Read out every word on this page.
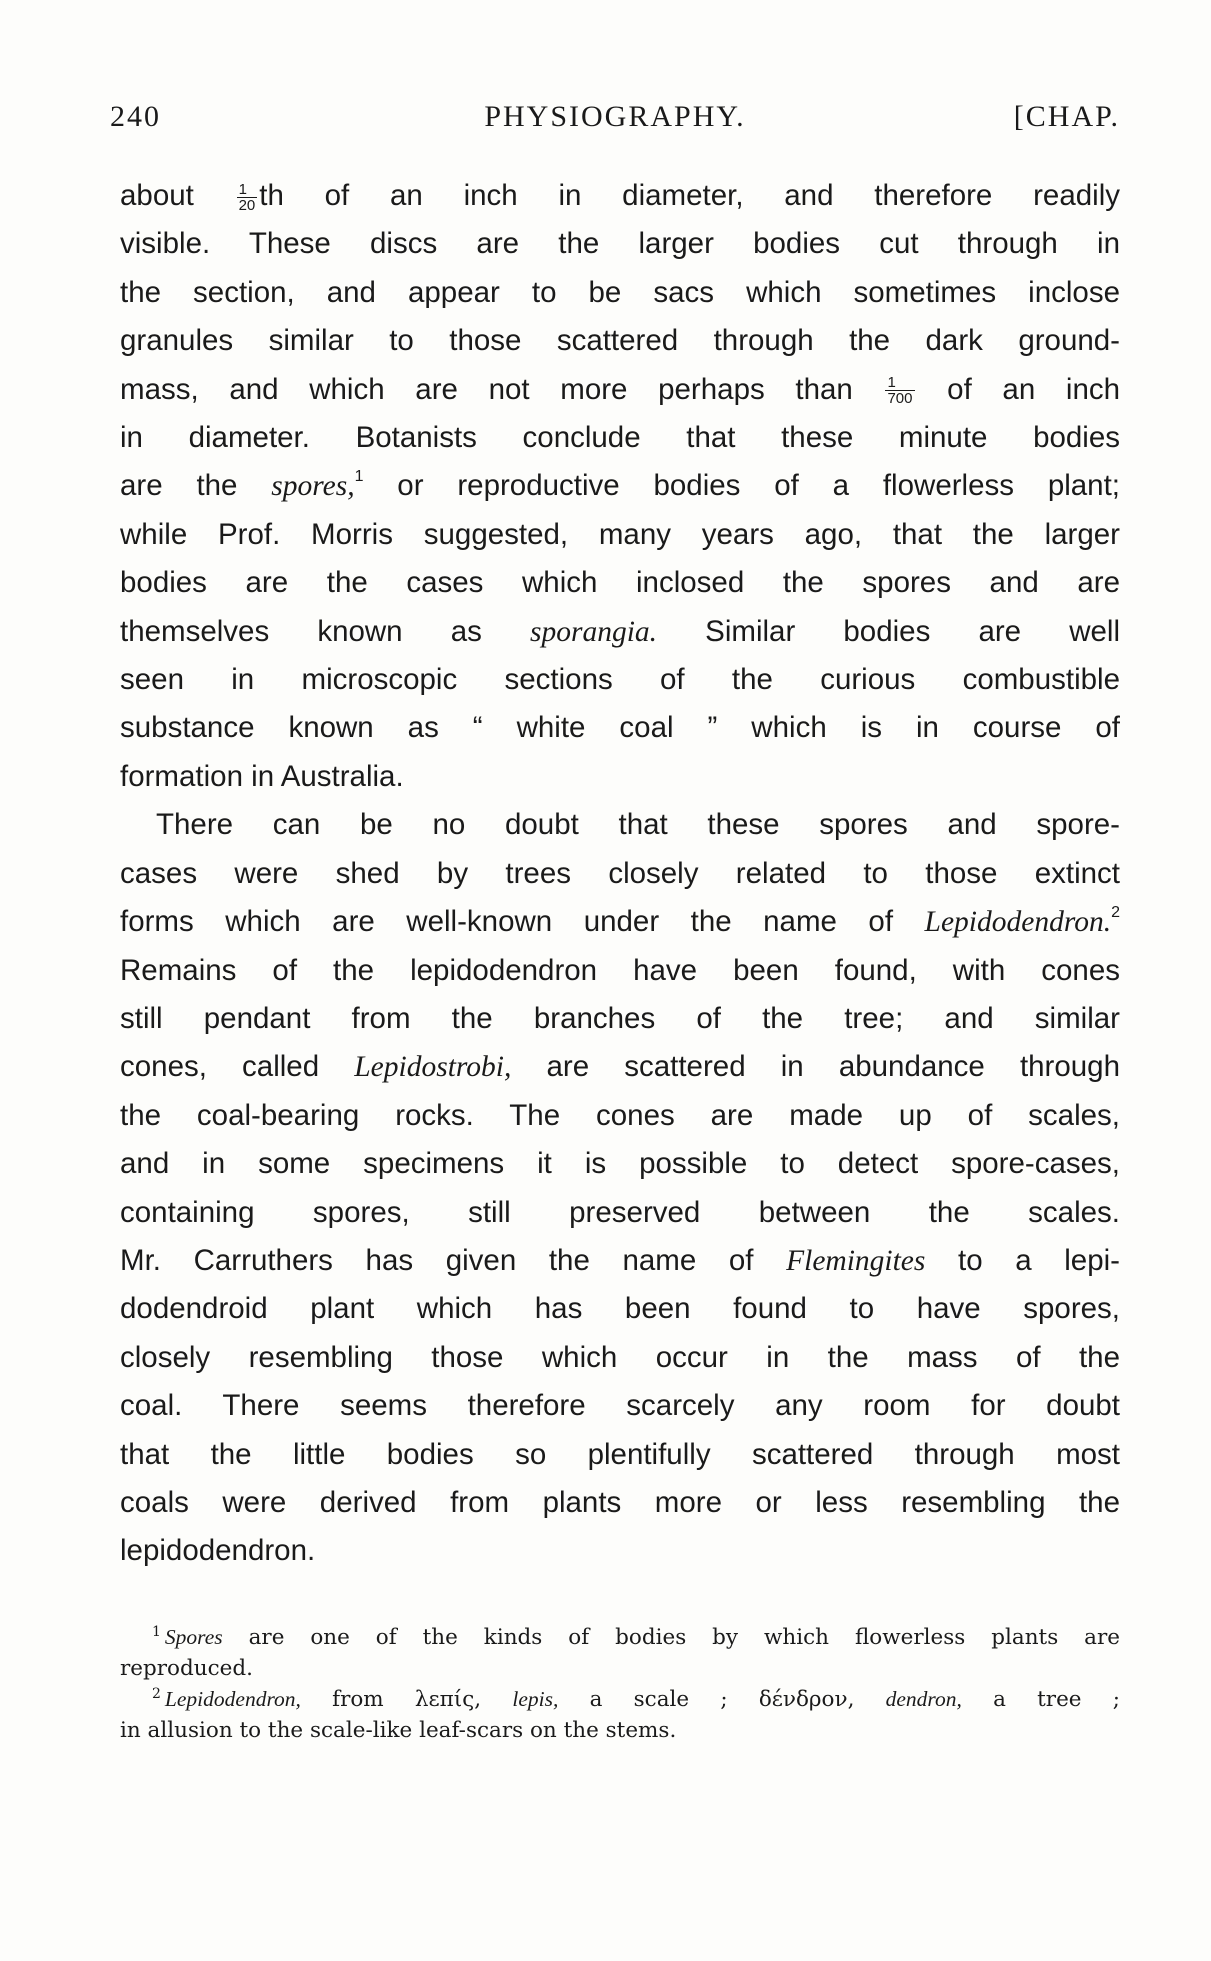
240	PHYSIOGRAPHY.	[CHAP.
about $\frac{1}{20}$ th of an inch in diameter, and therefore readily
visible. These discs are the larger bodies cut through in
the section, and appear to be sacs which sometimes inclose
granules similar to those scattered through the dark ground-
mass, and which are not more perhaps than $\frac{1}{700}$ of an inch
in diameter. Botanists conclude that these minute bodies
are the spores,$^1$ or reproductive bodies of a flowerless plant;
while Prof. Morris suggested, many years ago, that the larger
bodies are the cases which inclosed the spores and are
themselves known as sporangia. Similar bodies are well
seen in microscopic sections of the curious combustible
substance known as “ white coal ” which is in course of
formation in Australia.
There can be no doubt that these spores and spore-
cases were shed by trees closely related to those extinct
forms which are well-known under the name of Lepidodendron.$^2$
Remains of the lepidodendron have been found, with cones
still pendant from the branches of the tree; and similar
cones, called Lepidostrobi, are scattered in abundance through
the coal-bearing rocks. The cones are made up of scales,
and in some specimens it is possible to detect spore-cases,
containing spores, still preserved between the scales.
Mr. Carruthers has given the name of Flemingites to a lepi-
dodendroid plant which has been found to have spores,
closely resembling those which occur in the mass of the
coal. There seems therefore scarcely any room for doubt
that the little bodies so plentifully scattered through most
coals were derived from plants more or less resembling the
lepidodendron.
$^1$ Spores are one of the kinds of bodies by which flowerless plants are
reproduced.
$^2$ Lepidodendron, from λεπίς, lepis, a scale ; δένδρον, dendron, a tree ;
in allusion to the scale-like leaf-scars on the stems.
